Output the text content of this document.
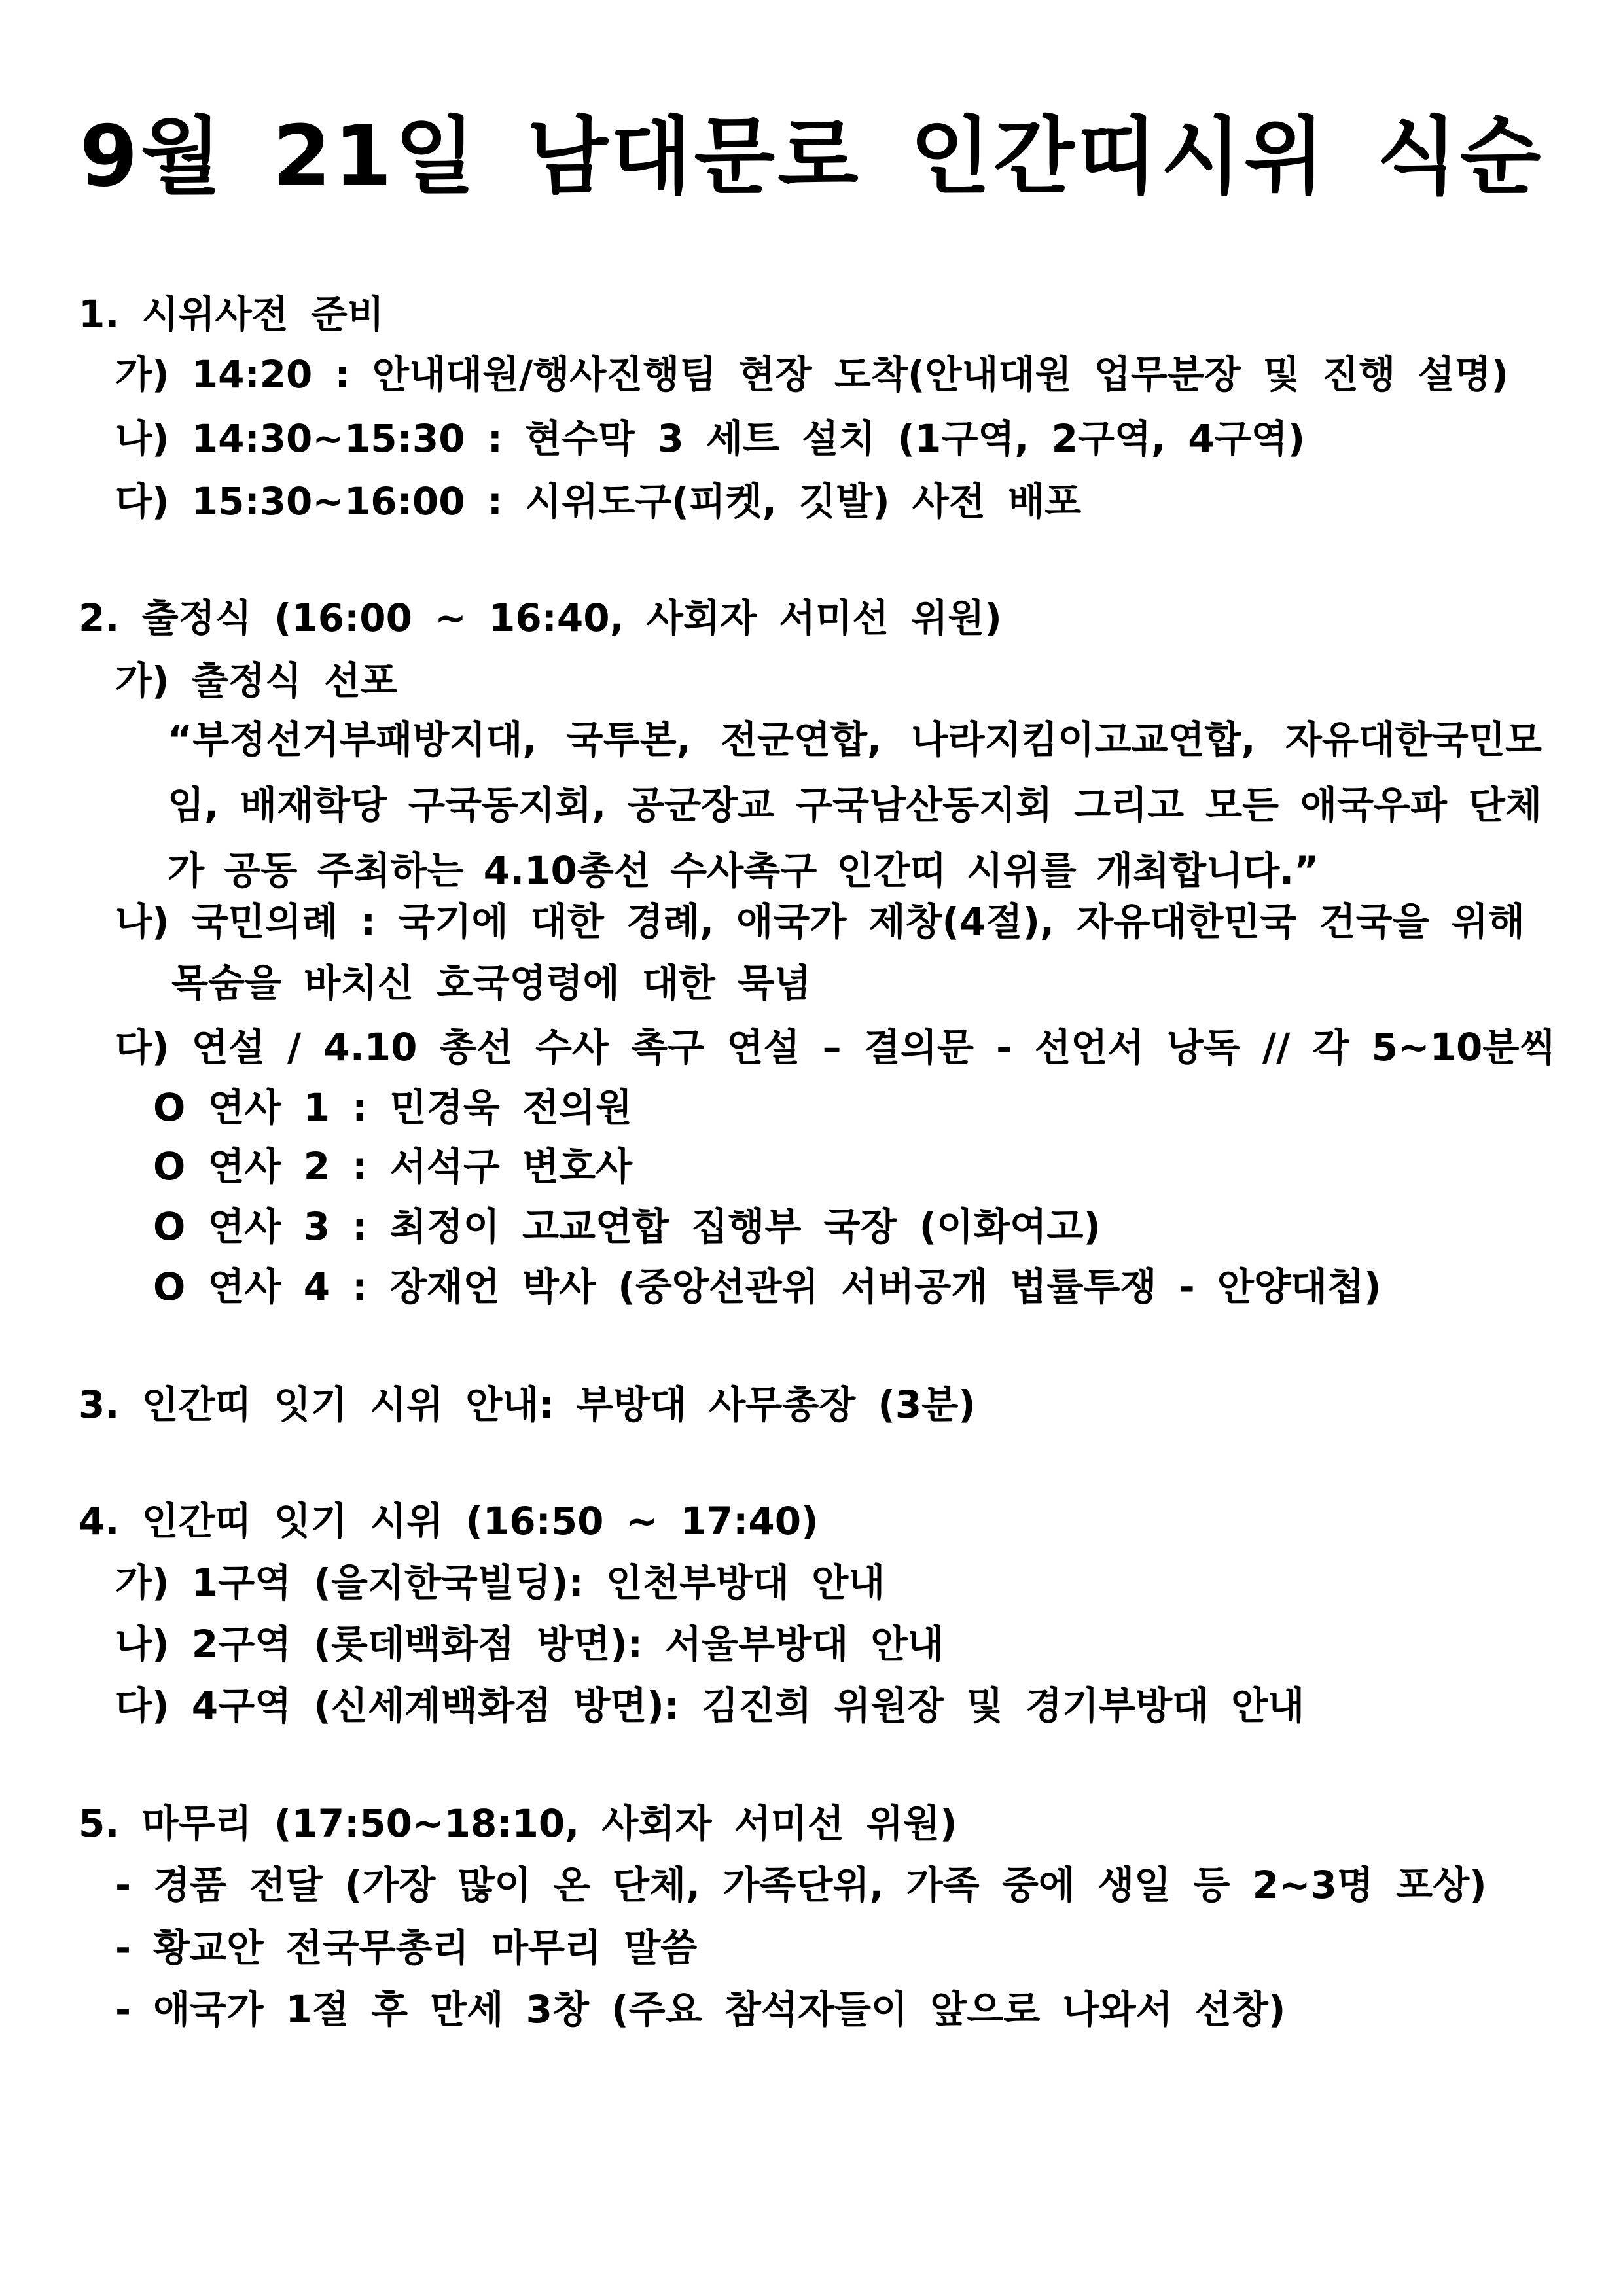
9월 21일 남대문로 인간띠시위 식순
1. 시위사전 준비
가) 14:20 : 안내대원/행사진행팀 현장 도착(안내대원 업무분장 및 진행 설명)
나) 14:30~15:30 : 현수막 3 세트 설치 (1구역, 2구역, 4구역)
다) 15:30~16:00 : 시위도구(피켓, 깃발) 사전 배포
2. 출정식 (16:00 ~ 16:40, 사회자 서미선 위원)
가) 출정식 선포
“부정선거부패방지대, 국투본, 전군연합, 나라지킴이고교연합, 자유대한국민모임, 배재학당 구국동지회, 공군장교 구국남산동지회 그리고 모든 애국우파 단체가 공동 주최하는 4.10총선 수사촉구 인간띠 시위를 개최합니다.”
나) 국민의례 : 국기에 대한 경례, 애국가 제창(4절), 자유대한민국 건국을 위해
목숨을 바치신 호국영령에 대한 묵념
다) 연설 / 4.10 총선 수사 촉구 연설 – 결의문 - 선언서 낭독 // 각 5~10분씩
O 연사 1 : 민경욱 전의원
O 연사 2 : 서석구 변호사
O 연사 3 : 최정이 고교연합 집행부 국장 (이화여고)
O 연사 4 : 장재언 박사 (중앙선관위 서버공개 법률투쟁 - 안양대첩)
3. 인간띠 잇기 시위 안내: 부방대 사무총장 (3분)
4. 인간띠 잇기 시위 (16:50 ~ 17:40)
가) 1구역 (을지한국빌딩): 인천부방대 안내
나) 2구역 (롯데백화점 방면): 서울부방대 안내
다) 4구역 (신세계백화점 방면): 김진희 위원장 및 경기부방대 안내
5. 마무리 (17:50~18:10, 사회자 서미선 위원)
- 경품 전달 (가장 많이 온 단체, 가족단위, 가족 중에 생일 등 2~3명 포상)
- 황교안 전국무총리 마무리 말씀
- 애국가 1절 후 만세 3창 (주요 참석자들이 앞으로 나와서 선창)
